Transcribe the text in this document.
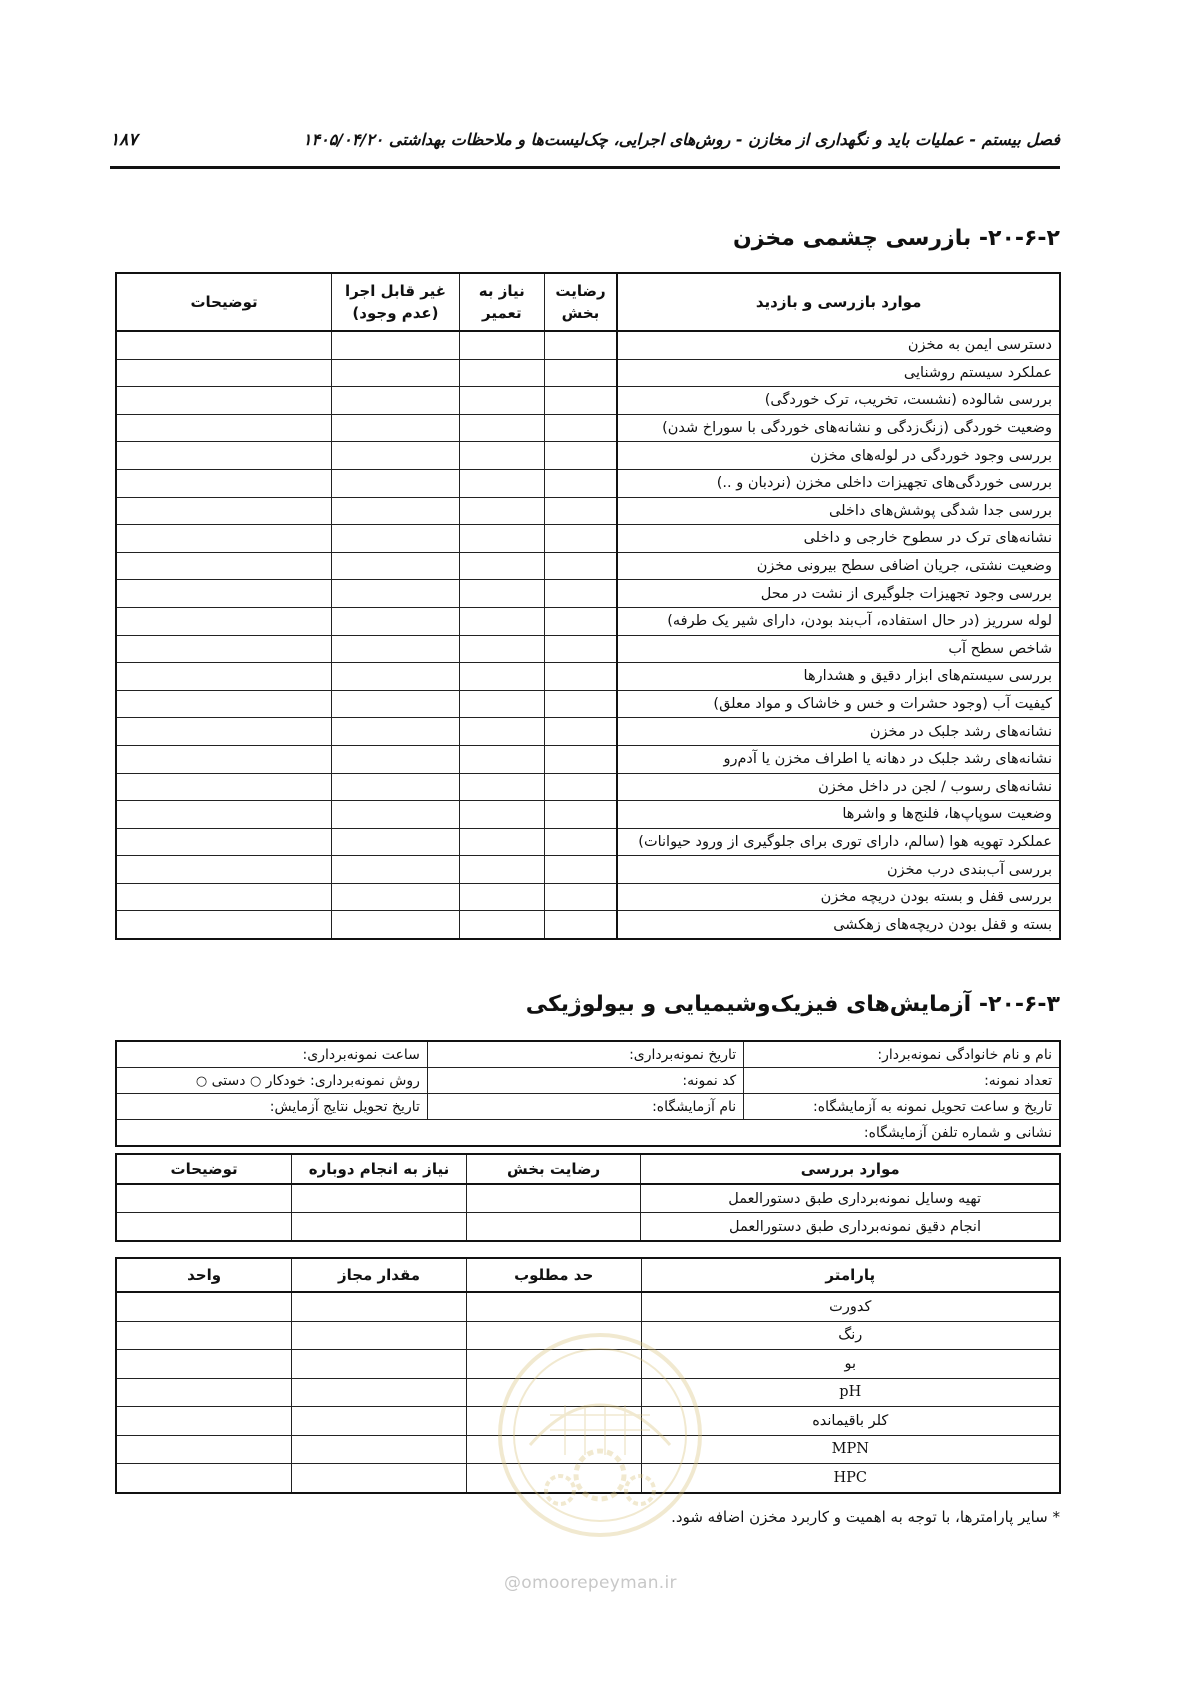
فصل بیستم - عملیات باید و نگهداری از مخازن - روش‌های اجرایی، چک‌لیست‌ها و ملاحظات بهداشتی ۱۴۰۵/۰۴/۲۰
۱۸۷
۲۰-۶-۲- بازرسی چشمی مخزن
موارد بازرسی و بازدید	رضایت بخش	نیاز به تعمیر	غیر قابل اجرا (عدم وجود)	توضیحات
دسترسی ایمن به مخزن				
عملکرد سیستم روشنایی				
بررسی شالوده (نشست، تخریب، ترک خوردگی)				
وضعیت خوردگی (زنگ‌زدگی و نشانه‌های خوردگی با سوراخ شدن)				
بررسی وجود خوردگی در لوله‌های مخزن				
بررسی خوردگی‌های تجهیزات داخلی مخزن (نردبان و ..)				
بررسی جدا شدگی پوشش‌های داخلی				
نشانه‌های ترک در سطوح خارجی و داخلی				
وضعیت نشتی، جریان اضافی سطح بیرونی مخزن				
بررسی وجود تجهیزات جلوگیری از نشت در محل				
لوله سرریز (در حال استفاده، آب‌بند بودن، دارای شیر یک طرفه)				
شاخص سطح آب				
بررسی سیستم‌های ابزار دقیق و هشدارها				
کیفیت آب (وجود حشرات و خس و خاشاک و مواد معلق)				
نشانه‌های رشد جلبک در مخزن				
نشانه‌های رشد جلبک در دهانه یا اطراف مخزن یا آدم‌رو				
نشانه‌های رسوب / لجن در داخل مخزن				
وضعیت سوپاپ‌ها، فلنج‌ها و واشرها				
عملکرد تهویه هوا (سالم، دارای توری برای جلوگیری از ورود حیوانات)				
بررسی آب‌بندی درب مخزن				
بررسی قفل و بسته بودن دریچه مخزن				
بسته و قفل بودن دریچه‌های زهکشی				
۲۰-۶-۳- آزمایش‌های فیزیک‌وشیمیایی و بیولوژیکی
نام و نام خانوادگی نمونه‌بردار:	تاریخ نمونه‌برداری:	ساعت نمونه‌برداری:
تعداد نمونه:	کد نمونه:	روش نمونه‌برداری: خودکار ○ دستی ○
تاریخ و ساعت تحویل نمونه به آزمایشگاه:	نام آزمایشگاه:	تاریخ تحویل نتایج آزمایش:
نشانی و شماره تلفن آزمایشگاه:		
موارد بررسی	رضایت بخش	نیاز به انجام دوباره	توضیحات
تهیه وسایل نمونه‌برداری طبق دستورالعمل			
انجام دقیق نمونه‌برداری طبق دستورالعمل			
پارامتر	حد مطلوب	مقدار مجاز	واحد
کدورت			
رنگ			
بو			
pH			
کلر باقیمانده			
MPN			
HPC			
* سایر پارامترها، با توجه به اهمیت و کاربرد مخزن اضافه شود.
@omoorepeyman.ir
